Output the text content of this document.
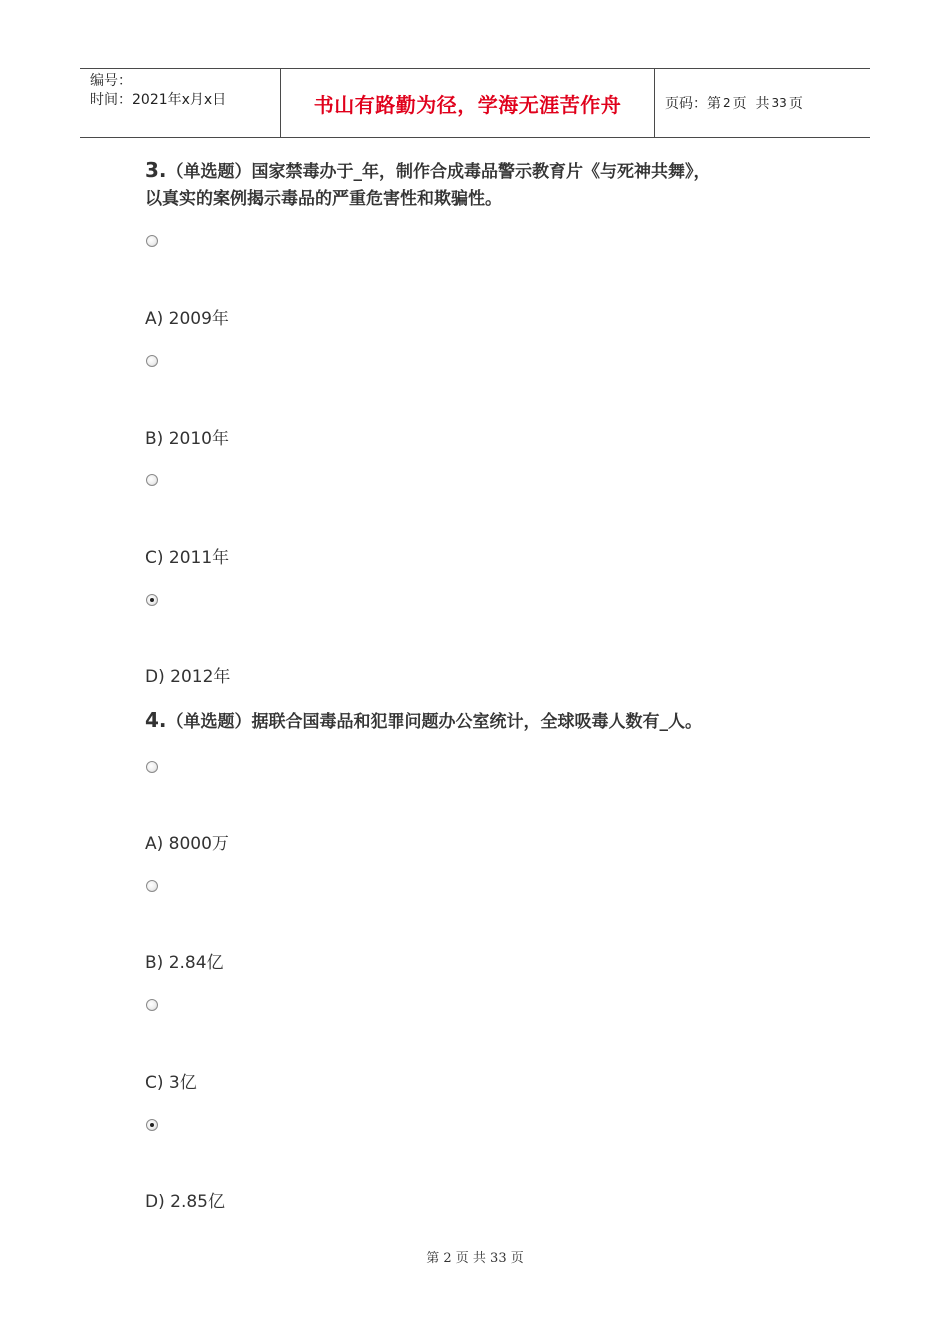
编号：
时间：2021年x月x日	书山有路勤为径，学海无涯苦作舟	页码： 第 2 页  共 33 页
3.（单选题）国家禁毒办于_年，制作合成毒品警示教育片《与死神共舞》，
以真实的案例揭示毒品的严重危害性和欺骗性。
A) 2009年
B) 2010年
C) 2011年
D) 2012年
4.（单选题）据联合国毒品和犯罪问题办公室统计，全球吸毒人数有_人。
A) 8000万
B) 2.84亿
C) 3亿
D) 2.85亿
第 2 页 共 33 页
